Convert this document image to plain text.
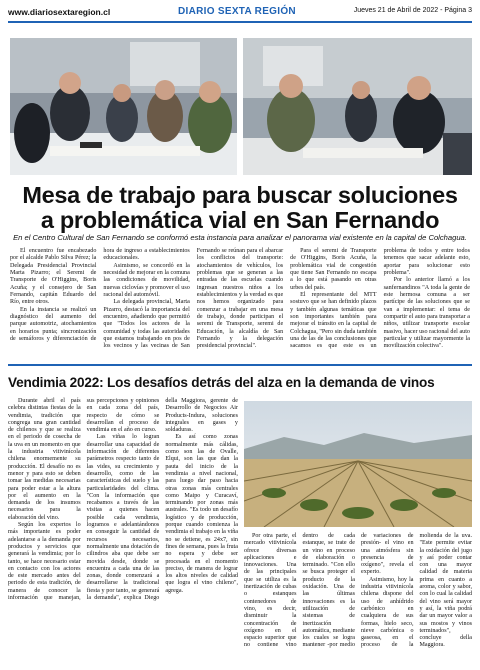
www.diariosextaregion.cl	DIARIO SEXTA REGIÓN	Jueves 21 de Abril de 2022 - Página 3
Mesa de trabajo para buscar soluciones
a problemática vial en San Fernando
En el Centro Cultural de San Fernando se conformó esta instancia para analizar el panorama vial existente en la capital de Colchagua.

El encuentro fue encabezado por el alcalde Pablo Silva Pérez; la Delegada Presidencial Provincial Marta Pizarro; el Seremi de Transporte de O'Higgins, Boris Acuña; y el consejero de San Fernando, capitán Eduardo del Río, entre otros.

En la instancia se realizó un diagnóstico del aumento del parque automotriz, atochamientos en horarios punta; sincronización de semáforos y diferenciación de hora de ingreso a establecimientos educacionales.

Asimismo, se concordó en la necesidad de mejorar en la comuna las condiciones de movilidad, nuevas ciclovías y promover el uso racional del automóvil.

La delegada provincial, Marta Pizarro, destacó la importancia del encuentro, añadiendo que permitió que "Todos los actores de la comunidad y todas las autoridades que estamos trabajando en pos de los vecinos y las vecinas de San Fernando se reúnan para el abarcar los conflictos del transporte: atochamientos de vehículos, los problemas que se generan a las entradas de las escuelas cuando ingresan nuestros niños a los establecimientos y la verdad es que nos hemos organizado para comenzar a trabajar en una mesa de trabajo, donde participan el seremi de Transporte, seremi de Educación, la alcaldía de San Fernando y la delegación presidencial provincial".

Para el seremi de Transporte de O'Higgins, Boris Acuña, la problemática vial de congestión que tiene San Fernando no escapa a lo que está pasando en otras urbes del país.

El representante del MTT sostuvo que se han definido plazos y también algunas temáticas que son importantes también para mejorar el tránsito en la capital de Colchagua, "Pero sin duda también una de las de las conclusiones que sacamos es que este es un problema de todos y entre todos tenemos que sacar adelante esto, aportar para solucionar esto problema".

Por lo anterior llamó a los sanfernandinos "A toda la gente de este hermosa comuna a ser partícipe de las soluciones que se van a implementar: el tema de compartir el auto para transportar a niños, utilizar transporte escolar masivo, hacer uso racional del auto particular y utilizar mayormente la movilización colectiva".

Vendimia 2022: Los desafíos detrás del alza en la demanda de vinos

Durante abril el país celebra distintas fiestas de la vendimia, tradición que congrega una gran cantidad de chilenos y que se realiza en el periodo de cosecha de la uva en un momento en que la industria vitivinícola chilena enormemente su producción. El desafío no es menor y para esto se deben tomar las medidas necesarias para poder estar a la altura por el aumento en la demanda de los insumos necesarios para la elaboración del vino.

Según los expertos lo más importante es poder adelantarse a la demanda por productos y servicios que generará la vendimia; por lo tanto, se hace necesario estar en contacto con los actores de este mercado antes del periodo de esta tradición, de manera de conocer la información que manejan, sus percepciones y opiniones en cada zona del país, respecto de cómo se desarrollan el proceso de vendimia en el año en curso.

Las viñas lo logran desarrollar una capacidad de información de diferentes parámetros respecto tanto de las vides, su crecimiento y desarrollo, como de las características del suelo y las particularidades del clima. "Con la información que recabamos a través de las visitas a quienes hacen posible cada vendimia, logramos e adelantándonos en conseguir la cantidad de recursos necesarios, normalmente una dotación de cilindros aba que debe ser movida desde, donde se encuentra a cada una de las zonas, donde comenzará a desarrollarse la tradicional fiesta y por tanto, se generará la demanda", explica Diego della Maggiora, gerente de Desarrollo de Negocios Air Products-Indura, soluciones integrales en gases y soldaduras.

Es así como zonas normalmente más cálidas, como son las de Ovalle, Elqui, son las que dan la pauta del inicio de la vendimia a nivel nacional, para luego dar paso hacia otras zonas más centrales como Maipo y Curacaví, terminando por zonas más australes. "Es todo un desafío logístico y de producción, porque cuando comienza la vendimia el trabajo en la viña no se detiene, es 24x7, sin fines de semana, pues la fruta no espera y debe ser procesada en el momento preciso, de manera de lograr los altos niveles de calidad que logra el vino chileno", agrega.

Por otra parte, el mercado vitivinícola ofrece diversas aplicaciones e innovaciones. Una de las principales que se utiliza es la inertización de cubas o estanques contenedores de vino, es decir, disminuir la concentración de oxígeno en el espacio superior que no contiene vino dentro de cada estanque, se trate de un vino en proceso de elaboración o terminado. "Con ello se busca proteger el producto de la oxidación. Una de las últimas innovaciones es la utilización de sistemas de inertización automática, mediante los cuales se logra mantener -por medio de variaciones de presión- el vino en una atmósfera sin presencia de oxígeno", revela el experto.

Asimismo, hoy la industria vitivinícola chilena dispone del uso de anhídrido carbónico en cualquiera de sus formas, hielo seco, nieve carbónica o gaseosa, en el proceso de la molienda de la uva. "Este permite evitar la oxidación del jugo y así poder contar con una mayor calidad de materia prima en cuanto a aroma, color y sabor, con lo cual la calidad del vino será mayor y así, la viña podrá dar un mayor valor a sus mostos y vinos terminados", concluye della Maggiora.
